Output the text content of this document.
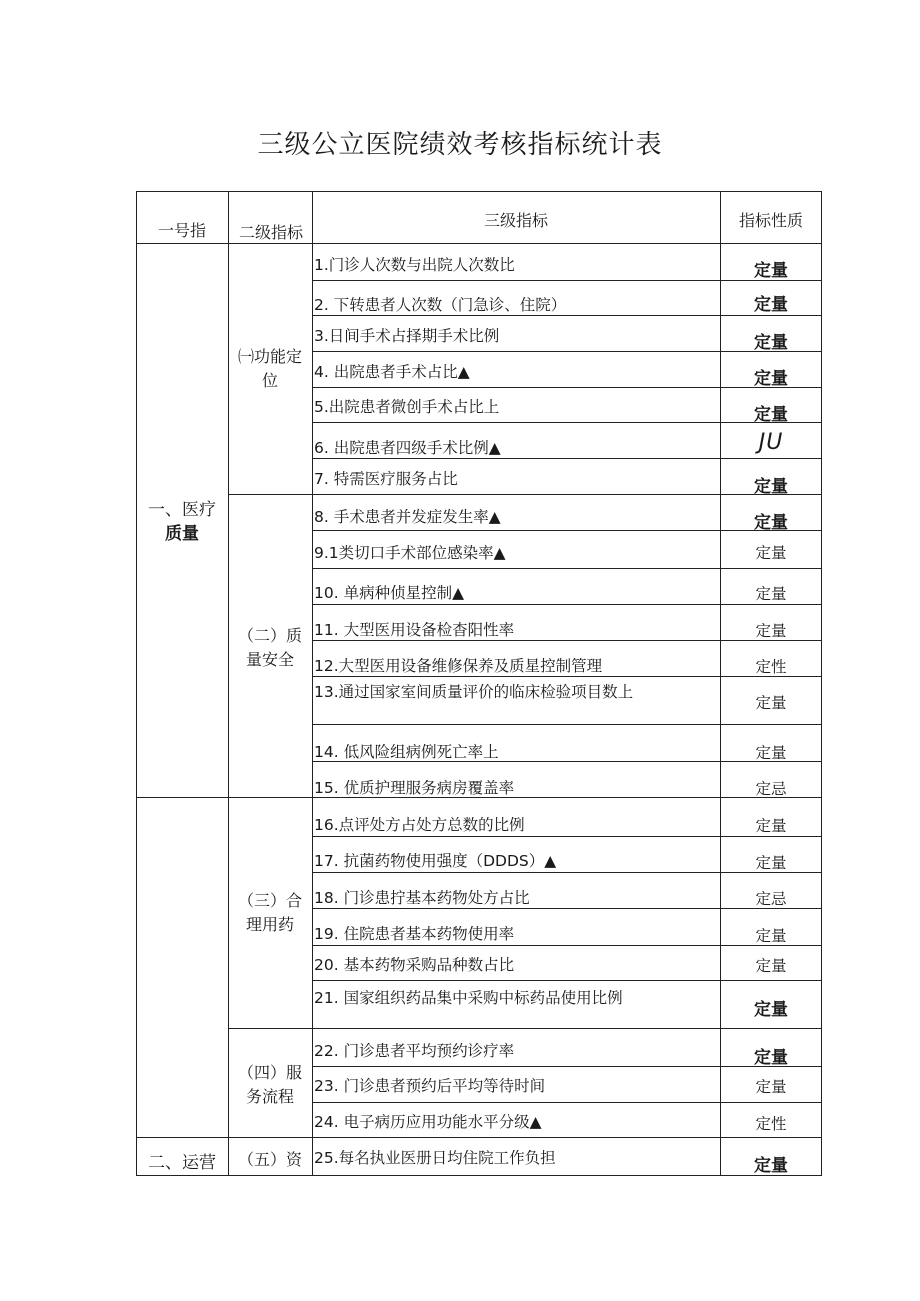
三级公立医院绩效考核指标统计表
一号指	二级指标
三级指标	指标性质
一、医疗
质量
二、运营
㈠功能定
位
（二）质
量安全
（三）合
理用药
（四）服
务流程
（五）资
1.门诊人次数与出院人次数比
2. 下转患者人次数（门急诊、住院）
3.日间手术占择期手术比例
4. 出院患者手术占比▲
5.出院患者微创手术占比上
6. 出院患者四级手术比例▲
7. 特需医疗服务占比
8. 手术患者并发症发生率▲
9.1类切口手术部位感染率▲
10. 单病种侦星控制▲
11. 大型医用设备检杳阳性率
12.大型医用设备维修保养及质星控制管理
13.通过国家室间质量评价的临床检验项目数上
14. 低风险组病例死亡率上
15. 优质护理服务病房覆盖率
16.点评处方占处方总数的比例
17. 抗菌药物使用强度（DDDS）▲
18. 门诊患拧基本药物处方占比
19. 住院患者基本药物使用率
20. 基本药物采购品种数占比
21. 国家组织药品集中采购中标药品使用比例
22. 门诊患者平均预约诊疗率
23. 门诊患者预约后平均等待时间
24. 电子病历应用功能水平分级▲
25.每名执业医册日均住院工作负担
定量
定量
定量
定量
定量
JU
定量
定量
定量
定量
定量
定性
定量
定量
定忌
定量
定量
定忌
定量
定量
定量
定量
定量
定性
定量
